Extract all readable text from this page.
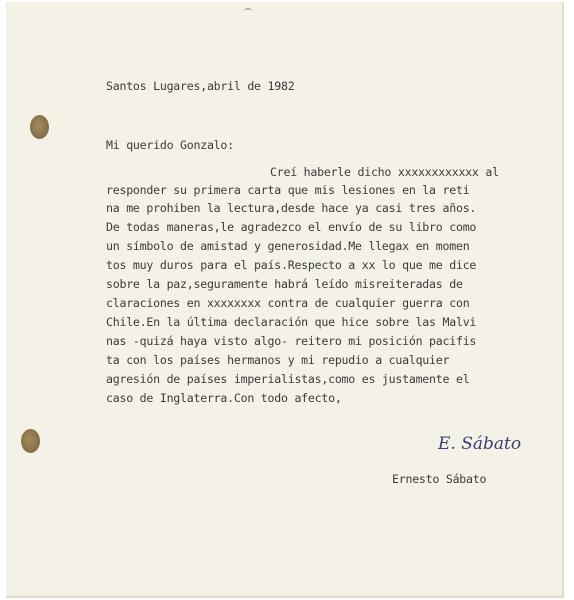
Santos Lugares,abril de 1982
Mi querido Gonzalo:

Creí haberle dicho xxxxxxxxxxxx al

responder su primera carta que mis lesiones en la reti

na me prohiben la lectura,desde hace ya casi tres años.

De todas maneras,le agradezco el envío de su libro como

un símbolo de amistad y generosidad.Me llegax en momen

tos muy duros para el país.Respecto a xx lo que me dice

sobre la paz,seguramente habrá leído misreiteradas de

claraciones en xxxxxxxx contra de cualquier guerra con

Chile.En la última declaración que hice sobre las Malvi

nas -quizá haya visto algo- reitero mi posición pacifis

ta con los países hermanos y mi repudio a cualquier

agresión de países imperialistas,como es justamente el

caso de Inglaterra.Con todo afecto,

E. Sábato
Ernesto Sábato
